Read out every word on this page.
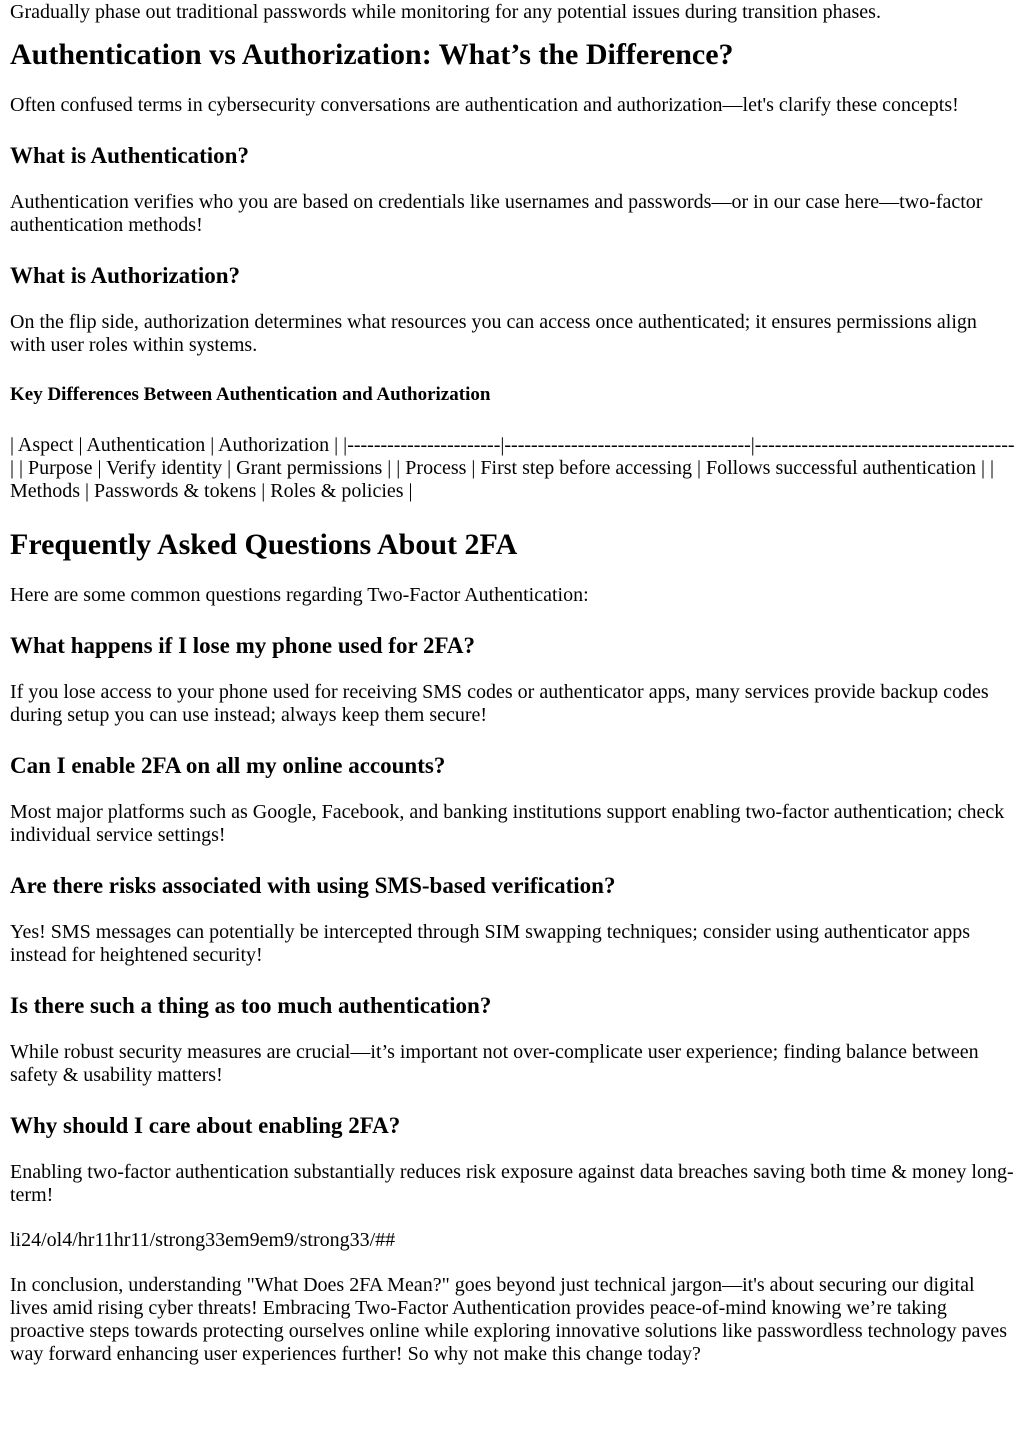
Gradually phase out traditional passwords while monitoring for any potential issues during transition phases.

Authentication vs Authorization: What’s the Difference?

Often confused terms in cybersecurity conversations are authentication and authorization—let's clarify these concepts!

What is Authentication?

Authentication verifies who you are based on credentials like usernames and passwords—or in our case here—two-factor authentication methods!

What is Authorization?

On the flip side, authorization determines what resources you can access once authenticated; it ensures permissions align with user roles within systems.

Key Differences Between Authentication and Authorization

| Aspect | Authentication | Authorization | |-----------------------|-------------------------------------|---------------------------------------| | Purpose | Verify identity | Grant permissions | | Process | First step before accessing | Follows successful authentication | | Methods | Passwords & tokens | Roles & policies |

Frequently Asked Questions About 2FA

Here are some common questions regarding Two-Factor Authentication:

What happens if I lose my phone used for 2FA?

If you lose access to your phone used for receiving SMS codes or authenticator apps, many services provide backup codes during setup you can use instead; always keep them secure!

Can I enable 2FA on all my online accounts?

Most major platforms such as Google, Facebook, and banking institutions support enabling two-factor authentication; check individual service settings!

Are there risks associated with using SMS-based verification?

Yes! SMS messages can potentially be intercepted through SIM swapping techniques; consider using authenticator apps instead for heightened security!

Is there such a thing as too much authentication?

While robust security measures are crucial—it’s important not over-complicate user experience; finding balance between safety & usability matters!

Why should I care about enabling 2FA?

Enabling two-factor authentication substantially reduces risk exposure against data breaches saving both time & money long-term!

li24/ol4/hr11hr11/strong33em9em9/strong33/##

In conclusion, understanding "What Does 2FA Mean?" goes beyond just technical jargon—it's about securing our digital lives amid rising cyber threats! Embracing Two-Factor Authentication provides peace-of-mind knowing we’re taking proactive steps towards protecting ourselves online while exploring innovative solutions like passwordless technology paves way forward enhancing user experiences further! So why not make this change today?
